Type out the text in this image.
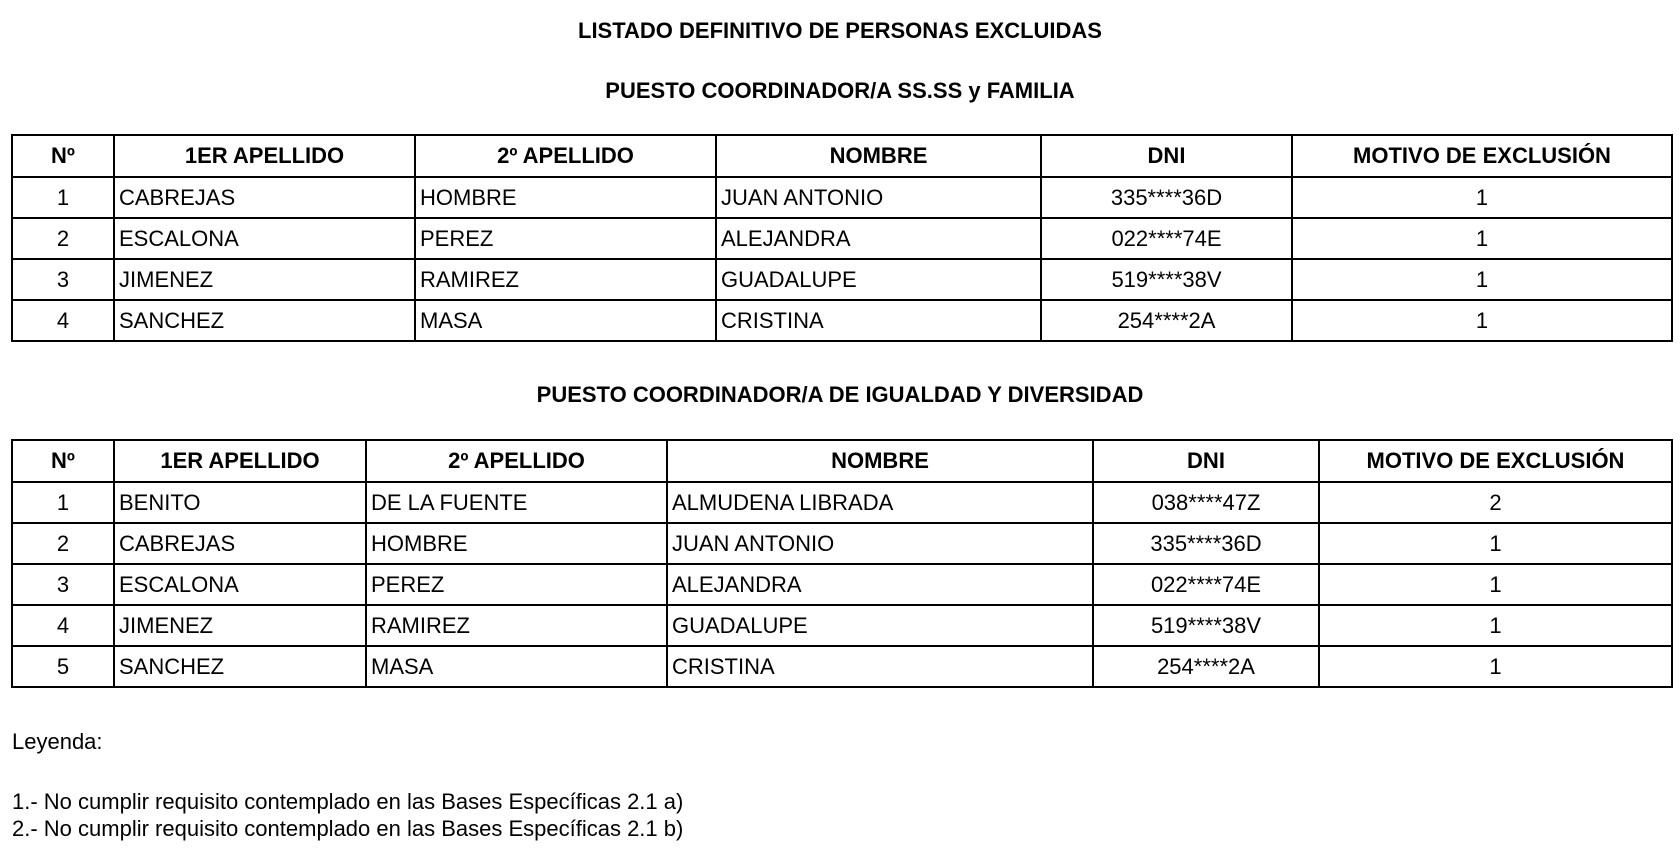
LISTADO DEFINITIVO DE PERSONAS EXCLUIDAS
PUESTO COORDINADOR/A SS.SS y FAMILIA
Nº	1ER APELLIDO	2º APELLIDO	NOMBRE	DNI	MOTIVO DE EXCLUSIÓN
1	CABREJAS	HOMBRE	JUAN ANTONIO	335****36D	1
2	ESCALONA	PEREZ	ALEJANDRA	022****74E	1
3	JIMENEZ	RAMIREZ	GUADALUPE	519****38V	1
4	SANCHEZ	MASA	CRISTINA	254****2A	1
PUESTO COORDINADOR/A DE IGUALDAD Y DIVERSIDAD
Nº	1ER APELLIDO	2º APELLIDO	NOMBRE	DNI	MOTIVO DE EXCLUSIÓN
1	BENITO	DE LA FUENTE	ALMUDENA LIBRADA	038****47Z	2
2	CABREJAS	HOMBRE	JUAN ANTONIO	335****36D	1
3	ESCALONA	PEREZ	ALEJANDRA	022****74E	1
4	JIMENEZ	RAMIREZ	GUADALUPE	519****38V	1
5	SANCHEZ	MASA	CRISTINA	254****2A	1
Leyenda:
1.- No cumplir requisito contemplado en las Bases Específicas 2.1 a)
2.- No cumplir requisito contemplado en las Bases Específicas 2.1 b)
